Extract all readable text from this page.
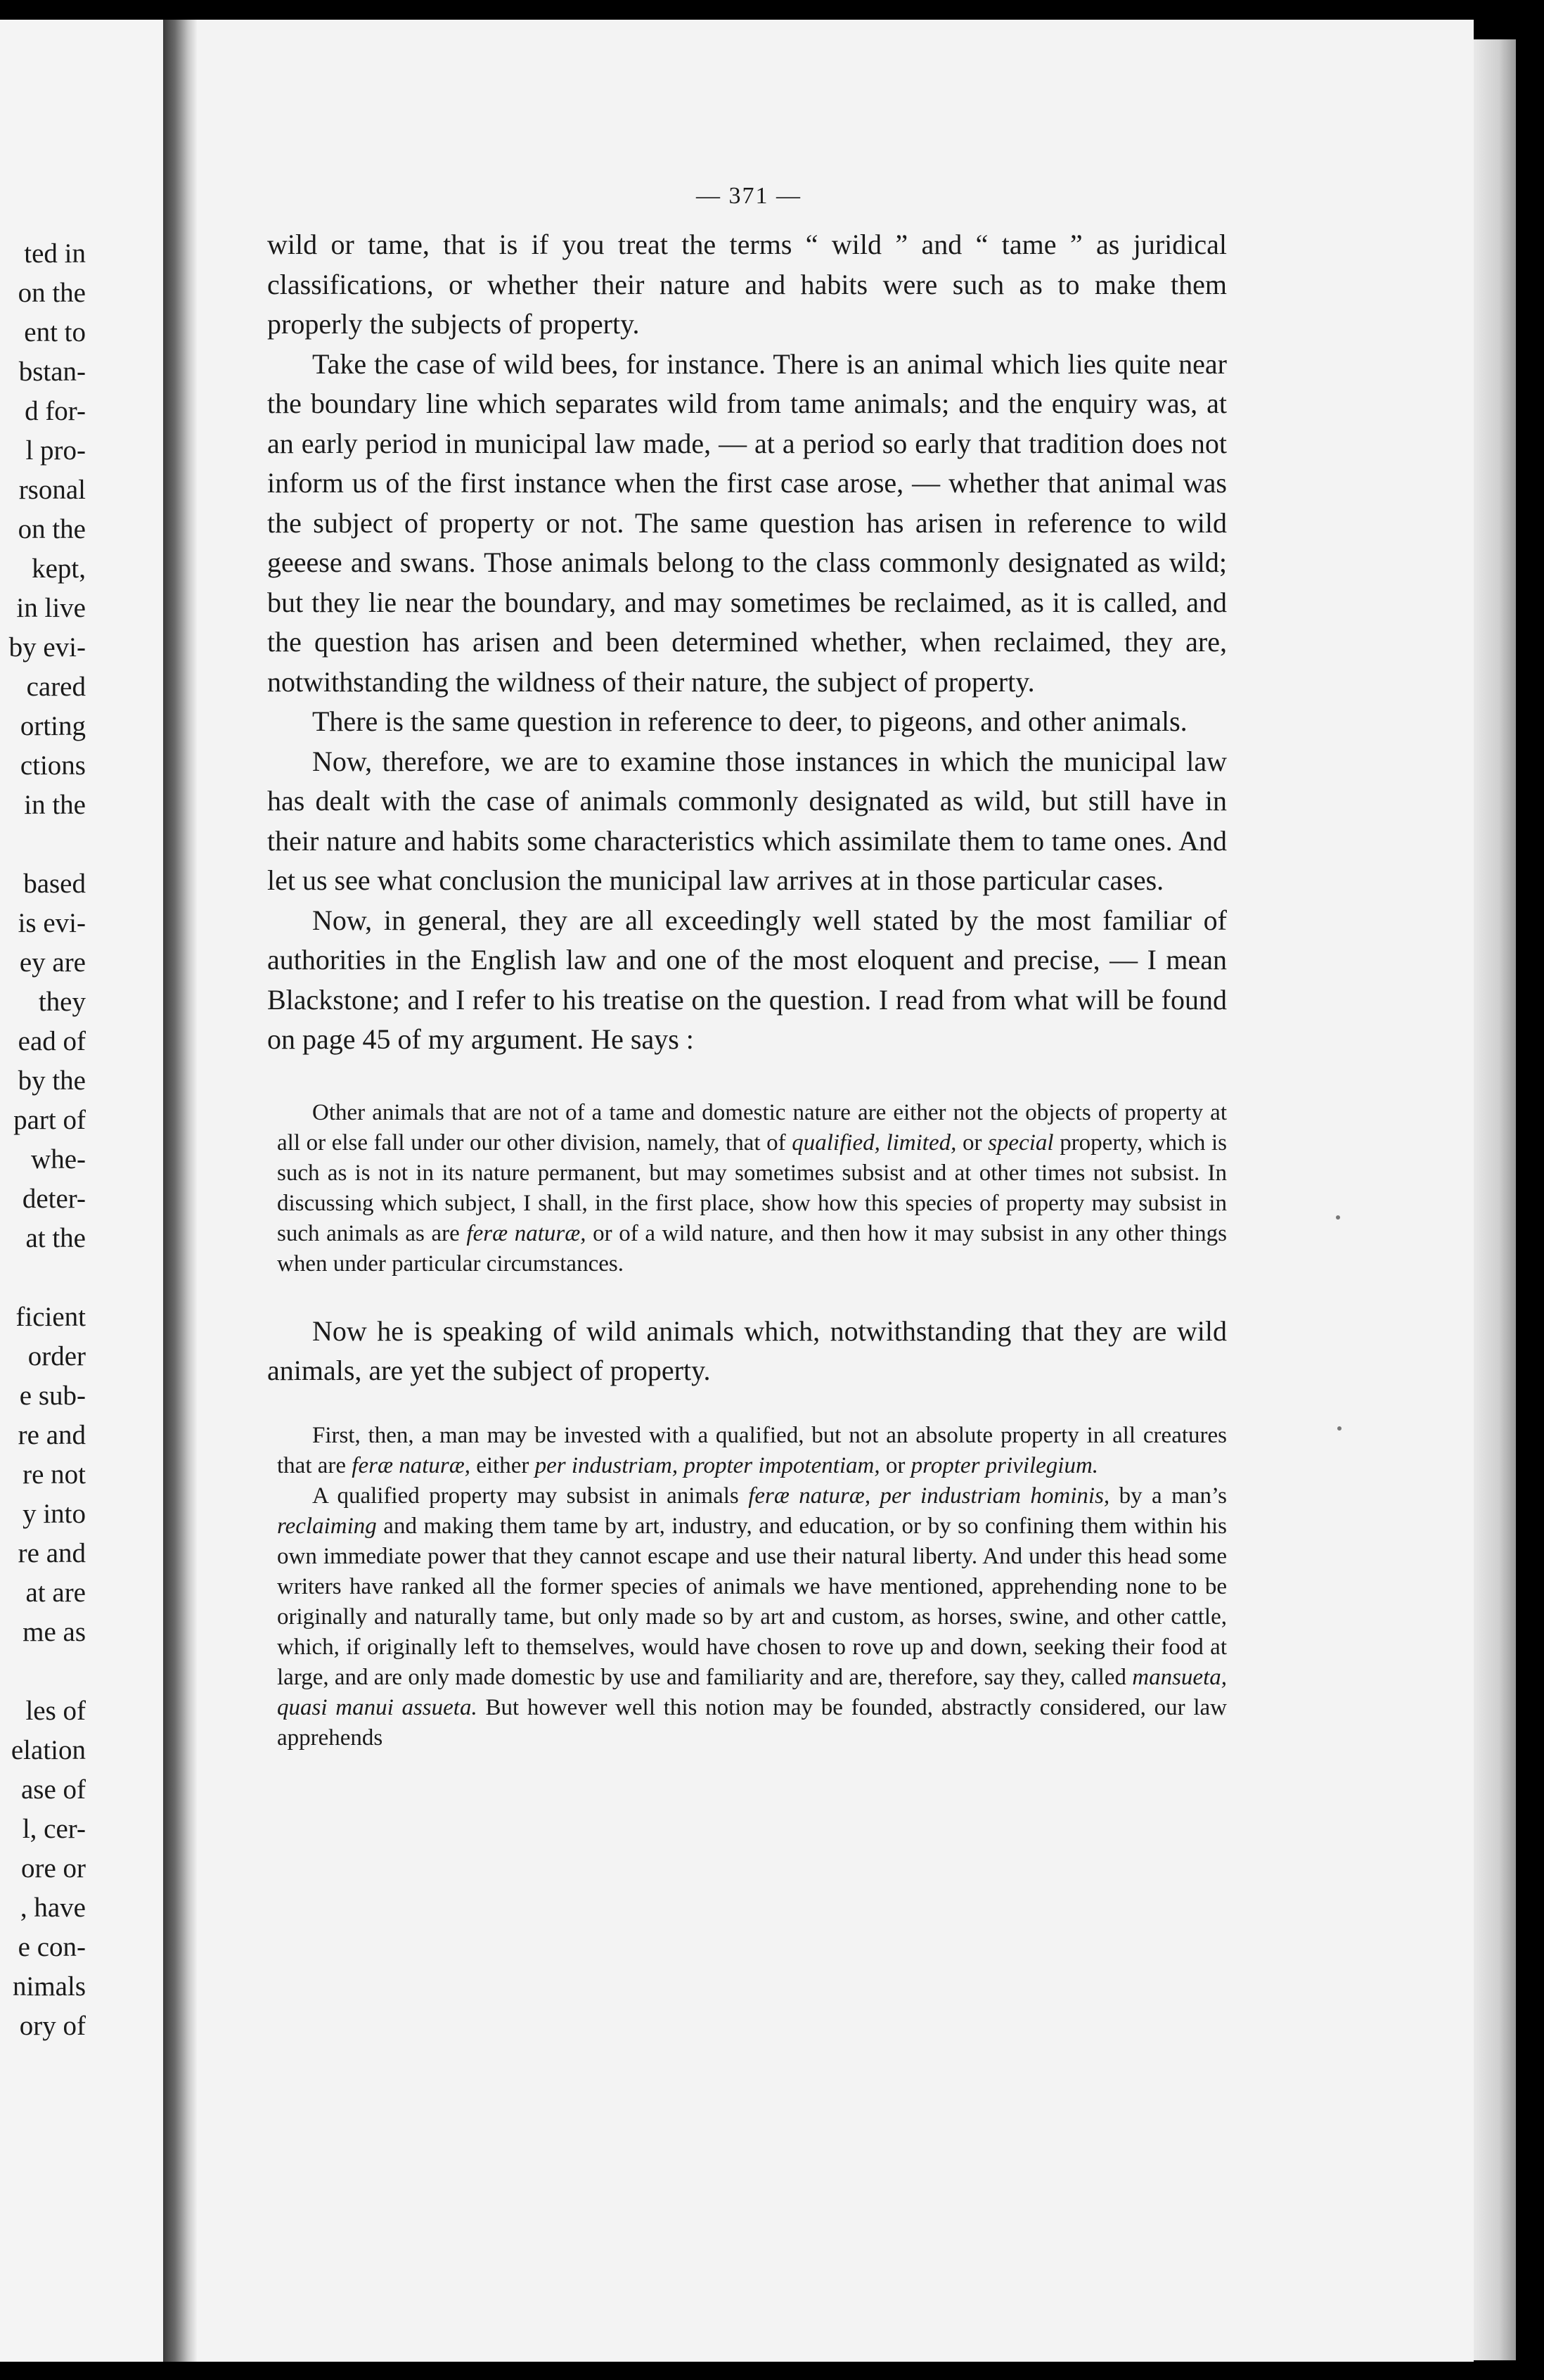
ted in
on the
ent to
bstan-
d for-
l pro-
rsonal
on the
kept,
in live
by evi-
cared
orting
ctions
in the
based
is evi-
ey are
they
ead of
by the
part of
whe-
deter-
at the
ficient
order
e sub-
re and
re not
y into
re and
at are
me as
les of
elation
ase of
l, cer-
ore or
, have
e con-
nimals
ory of
— 371 —

wild or tame, that is if you treat the terms “ wild ” and “ tame ” as juridical classifications, or whether their nature and habits were such as to make them properly the subjects of property.

Take the case of wild bees, for instance. There is an animal which lies quite near the boundary line which separates wild from tame animals; and the enquiry was, at an early period in municipal law made, — at a period so early that tradition does not inform us of the first instance when the first case arose, — whether that animal was the subject of property or not. The same question has arisen in reference to wild geeese and swans. Those animals belong to the class commonly designated as wild; but they lie near the boundary, and may sometimes be reclaimed, as it is called, and the question has arisen and been determined whether, when reclaimed, they are, notwithstanding the wildness of their nature, the subject of property.

There is the same question in reference to deer, to pigeons, and other animals.

Now, therefore, we are to examine those instances in which the municipal law has dealt with the case of animals commonly designated as wild, but still have in their nature and habits some characteristics which assimilate them to tame ones. And let us see what conclusion the municipal law arrives at in those particular cases.

Now, in general, they are all exceedingly well stated by the most familiar of authorities in the English law and one of the most eloquent and precise, — I mean Blackstone; and I refer to his treatise on the question. I read from what will be found on page 45 of my argument. He says :

Other animals that are not of a tame and domestic nature are either not the objects of property at all or else fall under our other division, namely, that of qualified, limited, or special property, which is such as is not in its nature permanent, but may sometimes subsist and at other times not subsist. In discussing which subject, I shall, in the first place, show how this species of property may subsist in such animals as are feræ naturæ, or of a wild nature, and then how it may subsist in any other things when under particular circumstances.

Now he is speaking of wild animals which, notwithstanding that they are wild animals, are yet the subject of property.

First, then, a man may be invested with a qualified, but not an absolute property in all creatures that are feræ naturæ, either per industriam, propter impotentiam, or propter privilegium.

A qualified property may subsist in animals feræ naturæ, per industriam hominis, by a man’s reclaiming and making them tame by art, industry, and education, or by so confining them within his own immediate power that they cannot escape and use their natural liberty. And under this head some writers have ranked all the former species of animals we have mentioned, apprehending none to be originally and naturally tame, but only made so by art and custom, as horses, swine, and other cattle, which, if originally left to themselves, would have chosen to rove up and down, seeking their food at large, and are only made domestic by use and familiarity and are, therefore, say they, called mansueta, quasi manui assueta. But however well this notion may be founded, abstractly considered, our law apprehends
